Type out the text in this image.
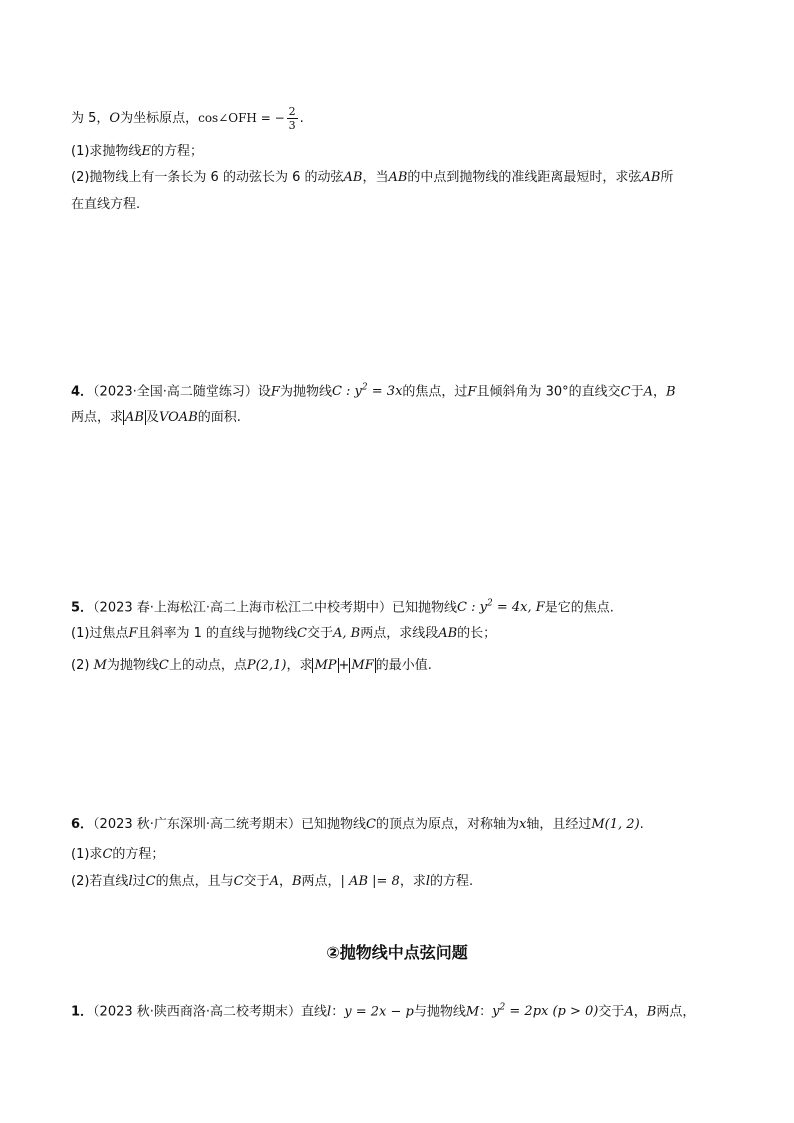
为 5，O为坐标原点，cos∠OFH = − $\frac{2}{3}$ .
(1)求抛物线E的方程；
(2)抛物线上有一条长为 6 的动弦长为 6 的动弦AB，当AB的中点到抛物线的准线距离最短时，求弦AB所
在直线方程.
4．（2023·全国·高二随堂练习）设F为抛物线C : $y^2 = 3x$的焦点，过F且倾斜角为 30°的直线交C于A，B
两点，求 AB 及VOAB的面积.
5．（2023 春·上海松江·高二上海市松江二中校考期中）已知抛物线C : $y^2 = 4x$, F是它的焦点.
(1)过焦点F且斜率为 1 的直线与抛物线C交于A, B两点，求线段AB的长；
(2) M为抛物线C上的动点，点P(2,1)，求 MP + MF 的最小值.
6．（2023 秋·广东深圳·高二统考期末）已知抛物线C的顶点为原点，对称轴为x轴，且经过M(1, 2).
(1)求C的方程；
(2)若直线l过C的焦点，且与C交于A，B两点，| AB |= 8，求l的方程.
②抛物线中点弦问题
1．（2023 秋·陕西商洛·高二校考期末）直线l：y = 2x − p与抛物线M：$y^2 = 2px$ (p > 0)交于A，B两点，
